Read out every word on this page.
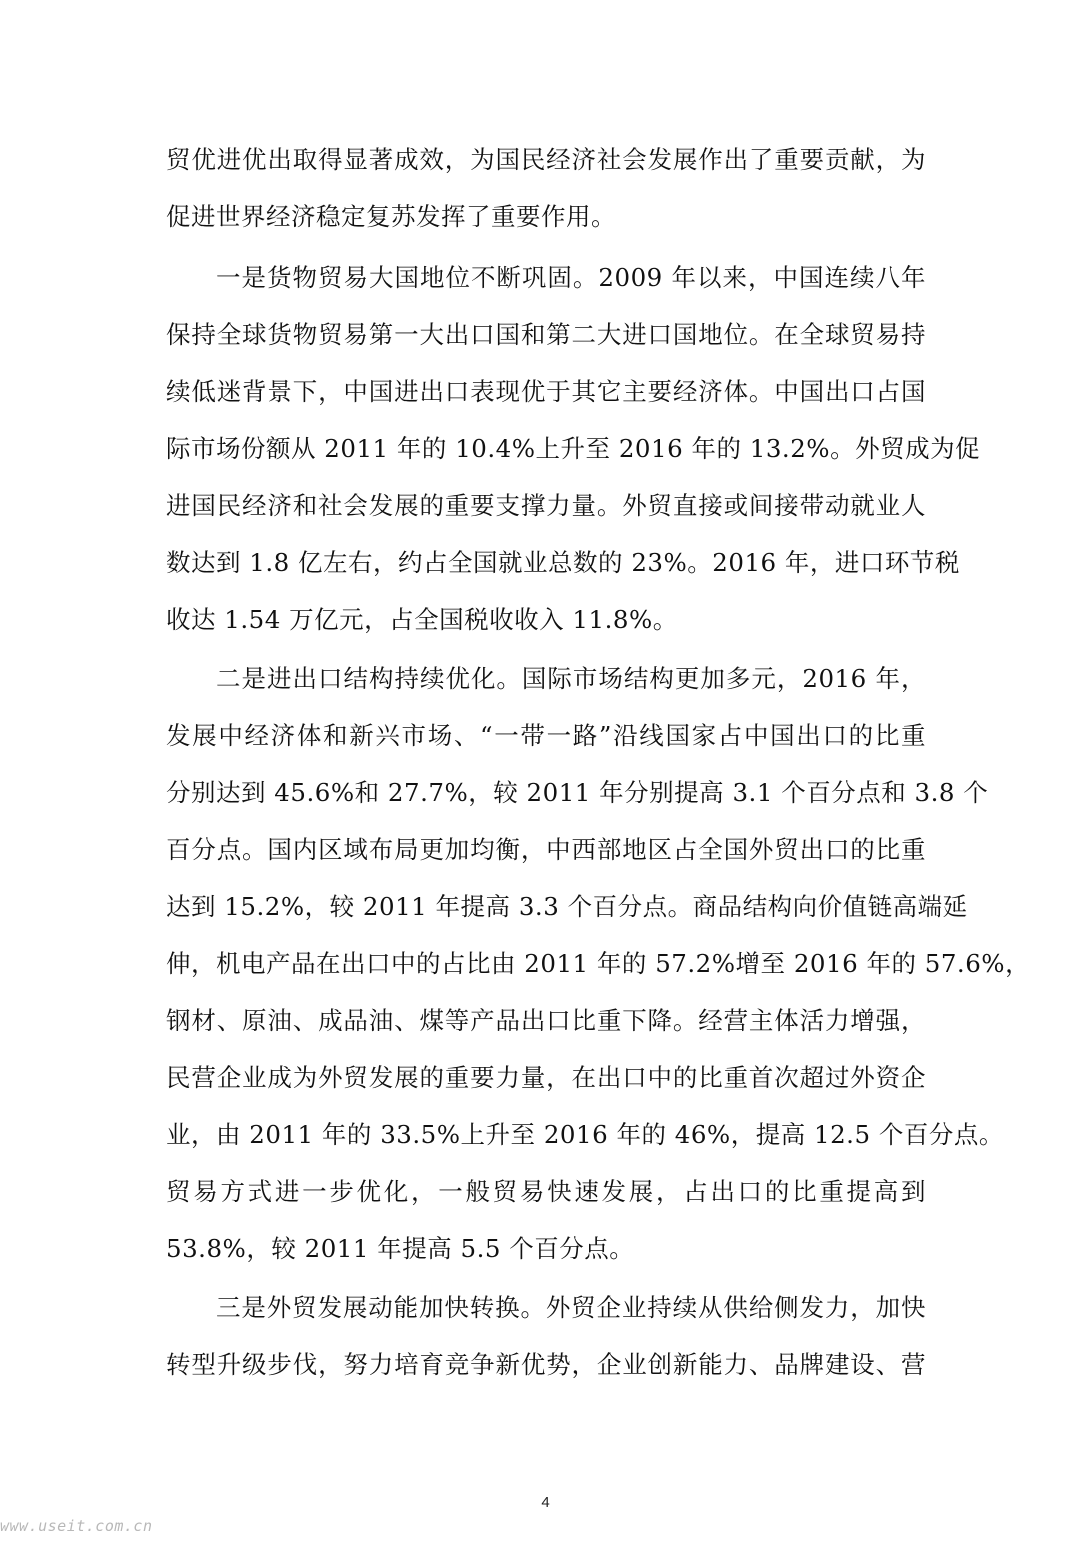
贸优进优出取得显著成效，为国民经济社会发展作出了重要贡献，为
促进世界经济稳定复苏发挥了重要作用。
一是货物贸易大国地位不断巩固。2009 年以来，中国连续八年
保持全球货物贸易第一大出口国和第二大进口国地位。在全球贸易持
续低迷背景下，中国进出口表现优于其它主要经济体。中国出口占国
际市场份额从 2011 年的 10.4%上升至 2016 年的 13.2%。外贸成为促
进国民经济和社会发展的重要支撑力量。外贸直接或间接带动就业人
数达到 1.8 亿左右，约占全国就业总数的 23%。2016 年，进口环节税
收达 1.54 万亿元，占全国税收收入 11.8%。
二是进出口结构持续优化。国际市场结构更加多元，2016 年，
发展中经济体和新兴市场、“一带一路”沿线国家占中国出口的比重
分别达到 45.6%和 27.7%，较 2011 年分别提高 3.1 个百分点和 3.8 个
百分点。国内区域布局更加均衡，中西部地区占全国外贸出口的比重
达到 15.2%，较 2011 年提高 3.3 个百分点。商品结构向价值链高端延
伸，机电产品在出口中的占比由 2011 年的 57.2%增至 2016 年的 57.6%，
钢材、原油、成品油、煤等产品出口比重下降。经营主体活力增强，
民营企业成为外贸发展的重要力量，在出口中的比重首次超过外资企
业，由 2011 年的 33.5%上升至 2016 年的 46%，提高 12.5 个百分点。
贸易方式进一步优化，一般贸易快速发展，占出口的比重提高到
53.8%，较 2011 年提高 5.5 个百分点。
三是外贸发展动能加快转换。外贸企业持续从供给侧发力，加快
转型升级步伐，努力培育竞争新优势，企业创新能力、品牌建设、营
4
www.useit.com.cn
